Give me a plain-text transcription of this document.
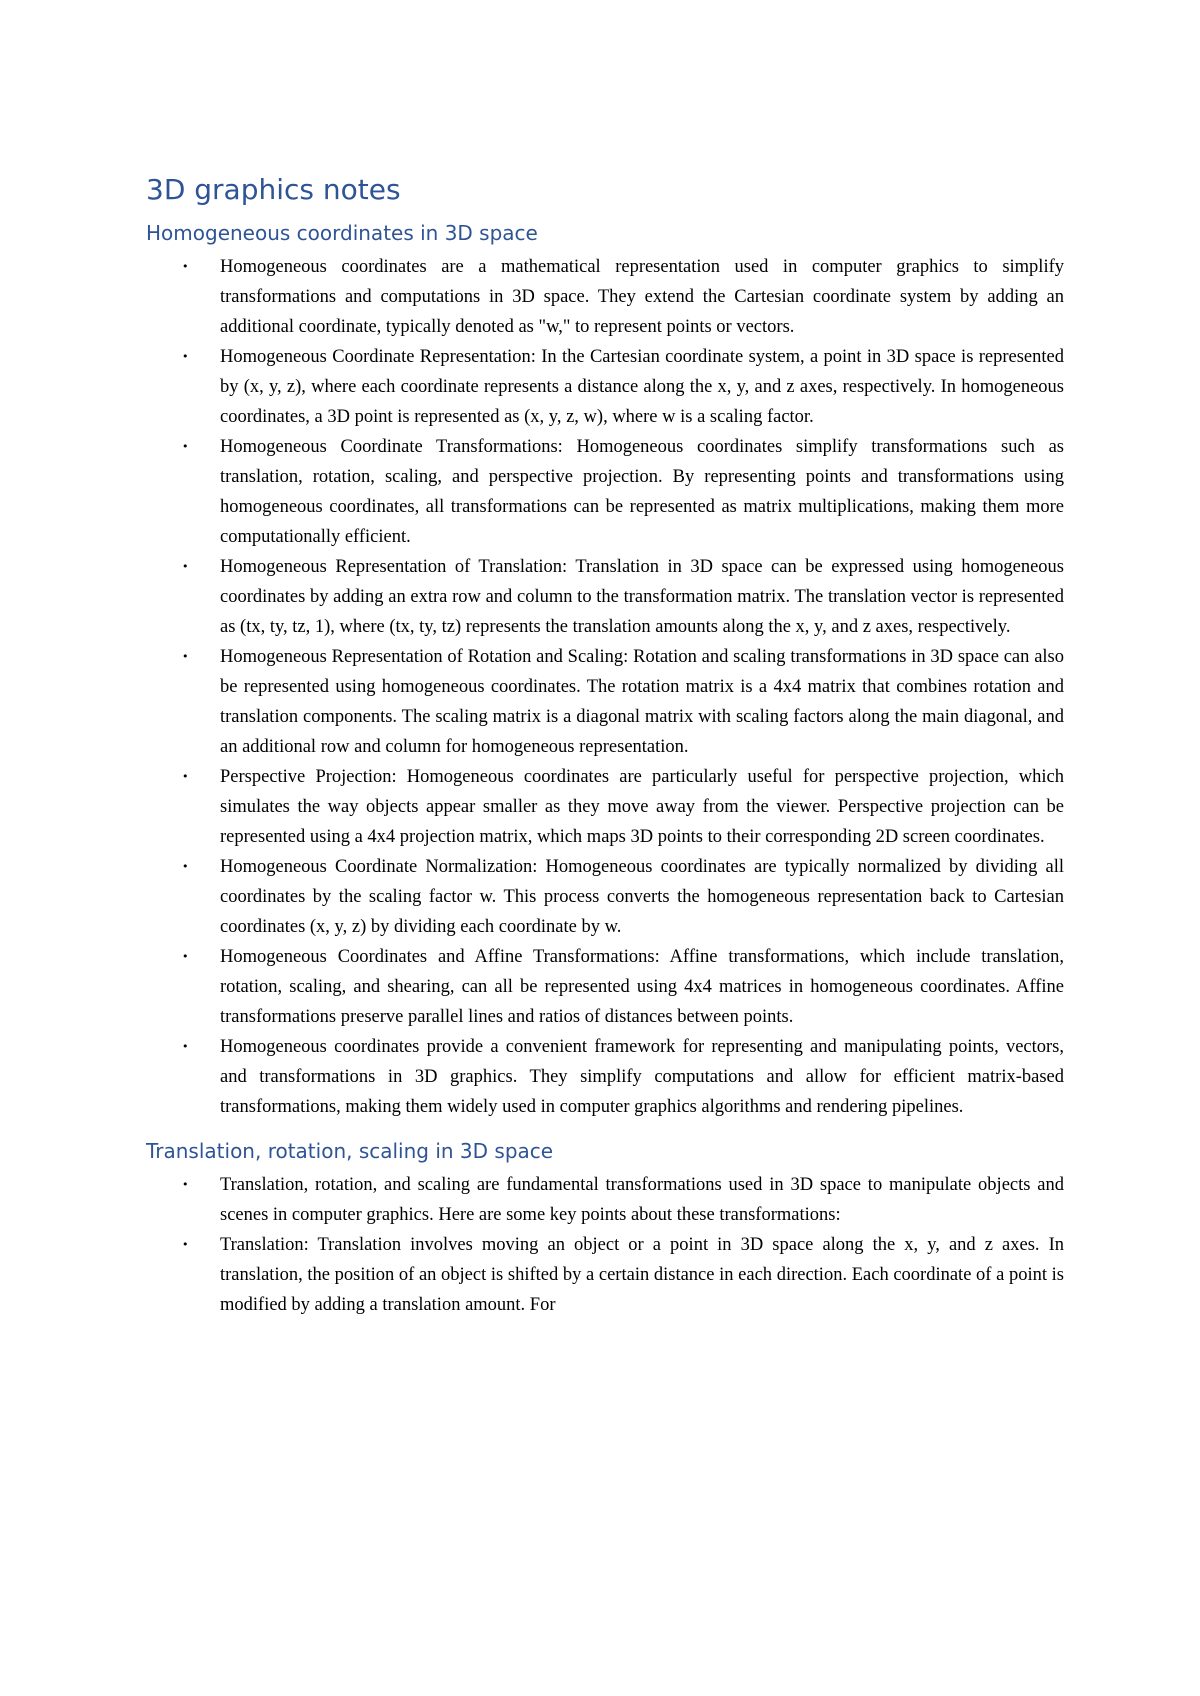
3D graphics notes
Homogeneous coordinates in 3D space
• Homogeneous coordinates are a mathematical representation used in computer graphics to simplify transformations and computations in 3D space. They extend the Cartesian coordinate system by adding an additional coordinate, typically denoted as "w," to represent points or vectors.
• Homogeneous Coordinate Representation: In the Cartesian coordinate system, a point in 3D space is represented by (x, y, z), where each coordinate represents a distance along the x, y, and z axes, respectively. In homogeneous coordinates, a 3D point is represented as (x, y, z, w), where w is a scaling factor.
• Homogeneous Coordinate Transformations: Homogeneous coordinates simplify transformations such as translation, rotation, scaling, and perspective projection. By representing points and transformations using homogeneous coordinates, all transformations can be represented as matrix multiplications, making them more computationally efficient.
• Homogeneous Representation of Translation: Translation in 3D space can be expressed using homogeneous coordinates by adding an extra row and column to the transformation matrix. The translation vector is represented as (tx, ty, tz, 1), where (tx, ty, tz) represents the translation amounts along the x, y, and z axes, respectively.
• Homogeneous Representation of Rotation and Scaling: Rotation and scaling transformations in 3D space can also be represented using homogeneous coordinates. The rotation matrix is a 4x4 matrix that combines rotation and translation components. The scaling matrix is a diagonal matrix with scaling factors along the main diagonal, and an additional row and column for homogeneous representation.
• Perspective Projection: Homogeneous coordinates are particularly useful for perspective projection, which simulates the way objects appear smaller as they move away from the viewer. Perspective projection can be represented using a 4x4 projection matrix, which maps 3D points to their corresponding 2D screen coordinates.
• Homogeneous Coordinate Normalization: Homogeneous coordinates are typically normalized by dividing all coordinates by the scaling factor w. This process converts the homogeneous representation back to Cartesian coordinates (x, y, z) by dividing each coordinate by w.
• Homogeneous Coordinates and Affine Transformations: Affine transformations, which include translation, rotation, scaling, and shearing, can all be represented using 4x4 matrices in homogeneous coordinates. Affine transformations preserve parallel lines and ratios of distances between points.
• Homogeneous coordinates provide a convenient framework for representing and manipulating points, vectors, and transformations in 3D graphics. They simplify computations and allow for efficient matrix-based transformations, making them widely used in computer graphics algorithms and rendering pipelines.
Translation, rotation, scaling in 3D space
• Translation, rotation, and scaling are fundamental transformations used in 3D space to manipulate objects and scenes in computer graphics. Here are some key points about these transformations:
• Translation: Translation involves moving an object or a point in 3D space along the x, y, and z axes. In translation, the position of an object is shifted by a certain distance in each direction. Each coordinate of a point is modified by adding a translation amount. For
